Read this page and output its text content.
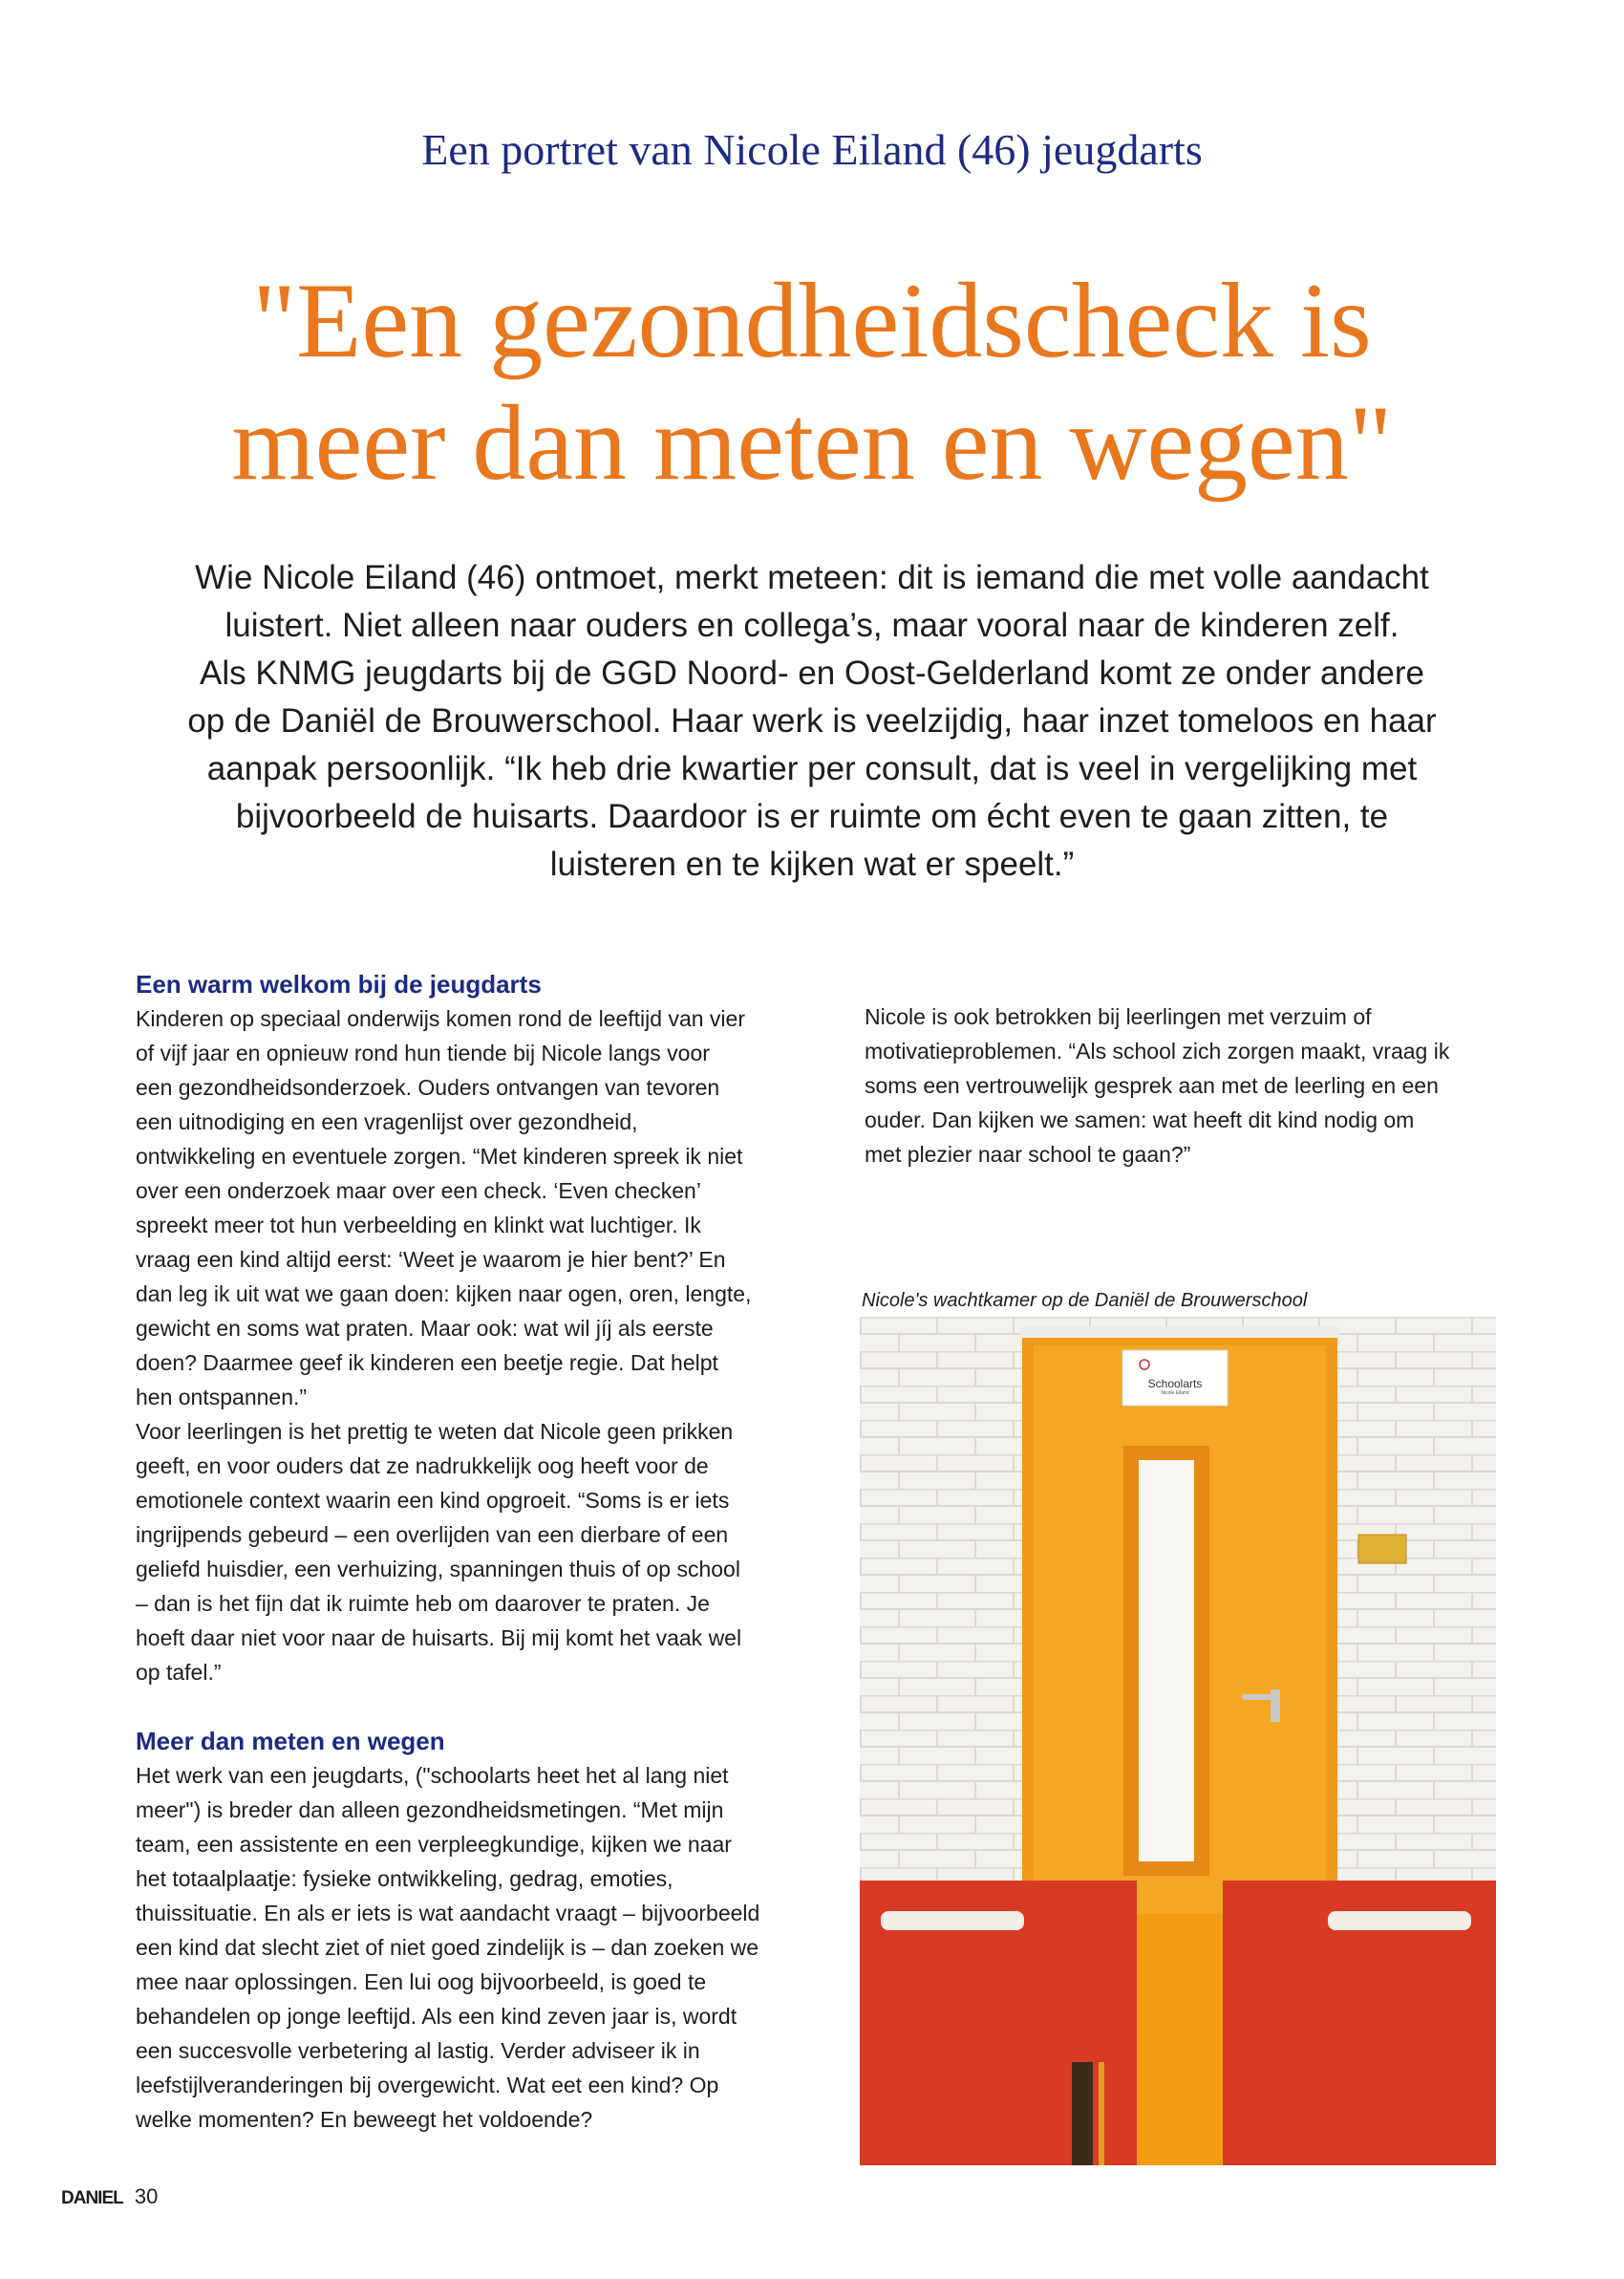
Een portret van Nicole Eiland (46) jeugdarts
"Een gezondheidscheck is
meer dan meten en wegen"
Wie Nicole Eiland (46) ontmoet, merkt meteen: dit is iemand die met volle aandacht
luistert. Niet alleen naar ouders en collega’s, maar vooral naar de kinderen zelf.
Als KNMG jeugdarts bij de GGD Noord- en Oost-Gelderland komt ze onder andere
op de Daniël de Brouwerschool. Haar werk is veelzijdig, haar inzet tomeloos en haar
aanpak persoonlijk. “Ik heb drie kwartier per consult, dat is veel in vergelijking met
bijvoorbeeld de huisarts. Daardoor is er ruimte om écht even te gaan zitten, te
luisteren en te kijken wat er speelt.”
Een warm welkom bij de jeugdarts
Kinderen op speciaal onderwijs komen rond de leeftijd van vier
of vijf jaar en opnieuw rond hun tiende bij Nicole langs voor
een gezondheidsonderzoek. Ouders ontvangen van tevoren
een uitnodiging en een vragenlijst over gezondheid,
ontwikkeling en eventuele zorgen. “Met kinderen spreek ik niet
over een onderzoek maar over een check. ‘Even checken’
spreekt meer tot hun verbeelding en klinkt wat luchtiger. Ik
vraag een kind altijd eerst: ‘Weet je waarom je hier bent?’ En
dan leg ik uit wat we gaan doen: kijken naar ogen, oren, lengte,
gewicht en soms wat praten. Maar ook: wat wil jíj als eerste
doen? Daarmee geef ik kinderen een beetje regie. Dat helpt
hen ontspannen.”
Voor leerlingen is het prettig te weten dat Nicole geen prikken
geeft, en voor ouders dat ze nadrukkelijk oog heeft voor de
emotionele context waarin een kind opgroeit. “Soms is er iets
ingrijpends gebeurd – een overlijden van een dierbare of een
geliefd huisdier, een verhuizing, spanningen thuis of op school
– dan is het fijn dat ik ruimte heb om daarover te praten. Je
hoeft daar niet voor naar de huisarts. Bij mij komt het vaak wel
op tafel.”
Meer dan meten en wegen
Het werk van een jeugdarts, ("schoolarts heet het al lang niet
meer") is breder dan alleen gezondheidsmetingen. “Met mijn
team, een assistente en een verpleegkundige, kijken we naar
het totaalplaatje: fysieke ontwikkeling, gedrag, emoties,
thuissituatie. En als er iets is wat aandacht vraagt – bijvoorbeeld
een kind dat slecht ziet of niet goed zindelijk is – dan zoeken we
mee naar oplossingen. Een lui oog bijvoorbeeld, is goed te
behandelen op jonge leeftijd. Als een kind zeven jaar is, wordt
een succesvolle verbetering al lastig. Verder adviseer ik in
leefstijlveranderingen bij overgewicht. Wat eet een kind? Op
welke momenten? En beweegt het voldoende?
Nicole is ook betrokken bij leerlingen met verzuim of
motivatieproblemen. “Als school zich zorgen maakt, vraag ik
soms een vertrouwelijk gesprek aan met de leerling en een
ouder. Dan kijken we samen: wat heeft dit kind nodig om
met plezier naar school te gaan?”
Nicole's wachtkamer op de Daniël de Brouwerschool
Nicole Eiland
Schoolarts
DANIEL 30
